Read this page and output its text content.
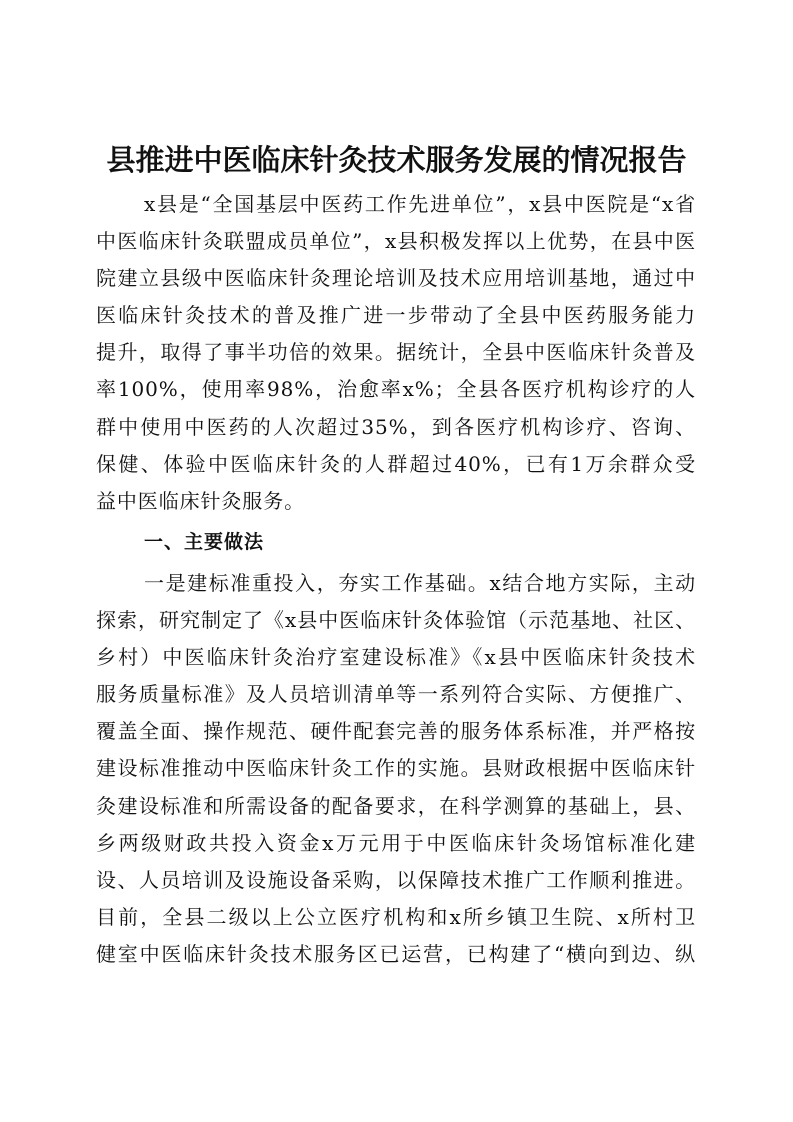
县推进中医临床针灸技术服务发展的情况报告
x县是“全国基层中医药工作先进单位”，x县中医院是“x省
中医临床针灸联盟成员单位”，x县积极发挥以上优势，在县中医
院建立县级中医临床针灸理论培训及技术应用培训基地，通过中
医临床针灸技术的普及推广进一步带动了全县中医药服务能力
提升，取得了事半功倍的效果。据统计，全县中医临床针灸普及
率100%，使用率98%，治愈率x%；全县各医疗机构诊疗的人
群中使用中医药的人次超过35%，到各医疗机构诊疗、咨询、
保健、体验中医临床针灸的人群超过40%，已有1万余群众受
益中医临床针灸服务。
一、主要做法
一是建标准重投入，夯实工作基础。x结合地方实际，主动
探索，研究制定了《x县中医临床针灸体验馆（示范基地、社区、
乡村）中医临床针灸治疗室建设标准》《x县中医临床针灸技术
服务质量标准》及人员培训清单等一系列符合实际、方便推广、
覆盖全面、操作规范、硬件配套完善的服务体系标准，并严格按
建设标准推动中医临床针灸工作的实施。县财政根据中医临床针
灸建设标准和所需设备的配备要求，在科学测算的基础上，县、
乡两级财政共投入资金x万元用于中医临床针灸场馆标准化建
设、人员培训及设施设备采购，以保障技术推广工作顺利推进。
目前，全县二级以上公立医疗机构和x所乡镇卫生院、x所村卫
健室中医临床针灸技术服务区已运营，已构建了“横向到边、纵
